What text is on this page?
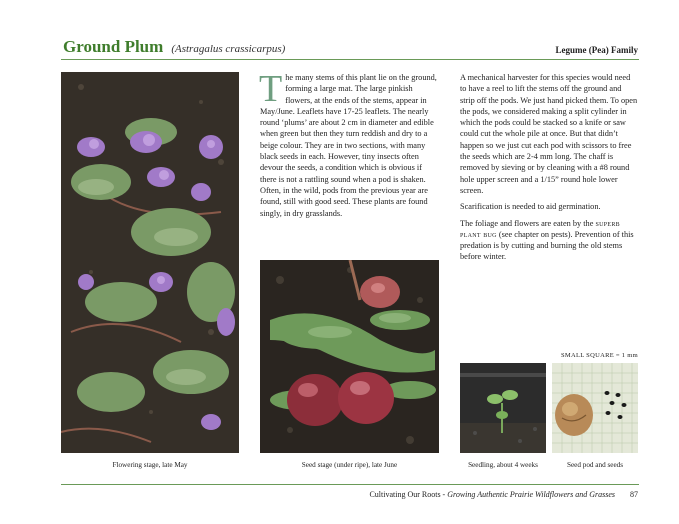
Ground Plum (Astragalus crassicarpus)	Legume (Pea) Family

The many stems of this plant lie on the ground, forming a large mat. The large pinkish flowers, at the ends of the stems, appear in May/June. Leaflets have 17-25 leaflets. The nearly round ‘plums’ are about 2 cm in diameter and edible when green but then they turn reddish and dry to a beige colour. They are in two sections, with many black seeds in each. However, tiny insects often devour the seeds, a condition which is obvious if there is not a rattling sound when a pod is shaken. Often, in the wild, pods from the previous year are found, still with good seed. These plants are found singly, in dry grasslands.

A mechanical harvester for this species would need to have a reel to lift the stems off the ground and strip off the pods. We just hand picked them. To open the pods, we considered making a split cylinder in which the pods could be stacked so a knife or saw could cut the whole pile at once. But that didn’t happen so we just cut each pod with scissors to free the seeds which are 2-4 mm long. The chaff is removed by sieving or by cleaning with a #8 round hole upper screen and a 1/15” round hole lower screen.

Scarification is needed to aid germination.

The foliage and flowers are eaten by the superb plant bug (see chapter on pests). Prevention of this predation is by cutting and burning the old stems before winter.

SMALL SQUARE = 1 mm
Flowering stage, late May	Seed stage (under ripe), late June	Seedling, about 4 weeks	Seed pod and seeds
Cultivating Our Roots - Growing Authentic Prairie Wildflowers and Grasses 87
